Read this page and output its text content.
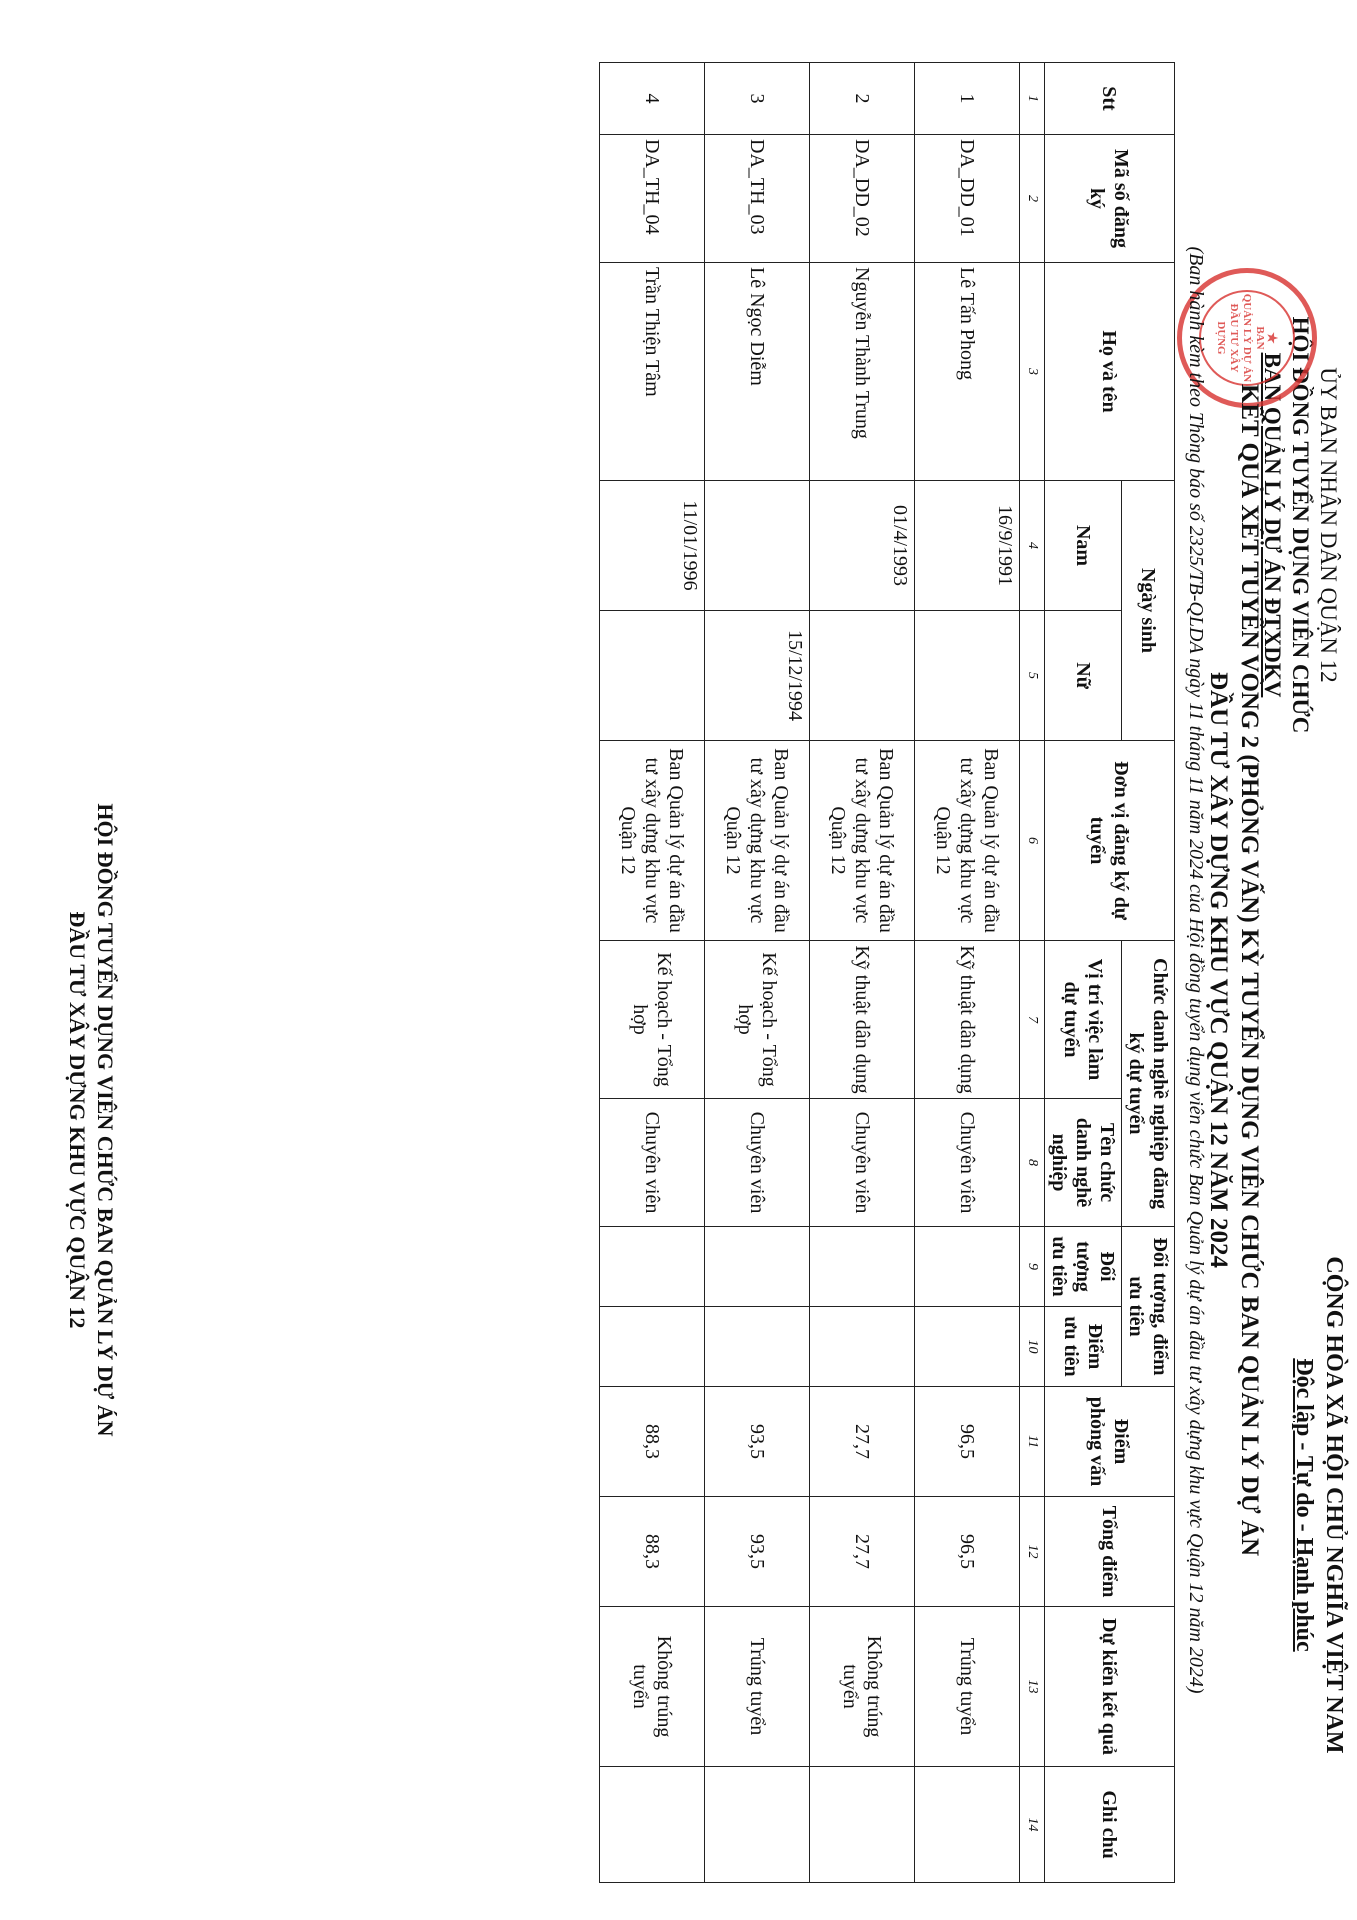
ỦY BAN NHÂN DÂN QUẬN 12
HỘI ĐỒNG TUYỂN DỤNG VIÊN CHỨC
BAN QUẢN LÝ DỰ ÁN ĐTXDKV
★
BAN
QUẢN LÝ DỰ ÁN
ĐẦU TƯ XÂY DỰNG
CỘNG HÒA XÃ HỘI CHỦ NGHĨA VIỆT NAM
Độc lập - Tự do - Hạnh phúc
KẾT QUẢ XÉT TUYỂN VÒNG 2 (PHỎNG VẤN) KỲ TUYỂN DỤNG VIÊN CHỨC BAN QUẢN LÝ DỰ ÁN
ĐẦU TƯ XÂY DỰNG KHU VỰC QUẬN 12 NĂM 2024
(Ban hành kèm theo Thông báo số 2325/TB-QLDA ngày 11 tháng 11 năm 2024 của Hội đồng tuyển dụng viên chức Ban Quản lý dự án đầu tư xây dựng khu vực Quận 12 năm 2024)
Stt	Mã số đăng ký	Họ và tên	Ngày sinh		Đơn vị đăng ký dự tuyển	Chức danh nghề nghiệp đăng ký dự tuyển		Đối tượng, điểm ưu tiên		Điểm phỏng vấn	Tổng điểm	Dự kiến kết quả	Ghi chú
			Nam	Nữ		Vị trí việc làm dự tuyển	Tên chức danh nghề nghiệp	Đối tượng ưu tiên	Điểm ưu tiên				
1	2	3	4	5	6	7	8	9	10	11	12	13	14
1	DA_DD_01	Lê Tấn Phong	16/9/1991		Ban Quản lý dự án đầu tư xây dựng khu vực Quận 12	Kỹ thuật dân dụng	Chuyên viên			96,5	96,5	Trúng tuyển	
2	DA_DD_02	Nguyễn Thành Trung	01/4/1993		Ban Quản lý dự án đầu tư xây dựng khu vực Quận 12	Kỹ thuật dân dụng	Chuyên viên			27,7	27,7	Không trúng tuyển	
3	DA_TH_03	Lê Ngọc Diễm		15/12/1994	Ban Quản lý dự án đầu tư xây dựng khu vực Quận 12	Kế hoạch - Tổng hợp	Chuyên viên			93,5	93,5	Trúng tuyển	
4	DA_TH_04	Trần Thiện Tâm	11/01/1996		Ban Quản lý dự án đầu tư xây dựng khu vực Quận 12	Kế hoạch - Tổng hợp	Chuyên viên			88,3	88,3	Không trúng tuyển	
HỘI ĐỒNG TUYỂN DỤNG VIÊN CHỨC BAN QUẢN LÝ DỰ ÁN
ĐẦU TƯ XÂY DỰNG KHU VỰC QUẬN 12
